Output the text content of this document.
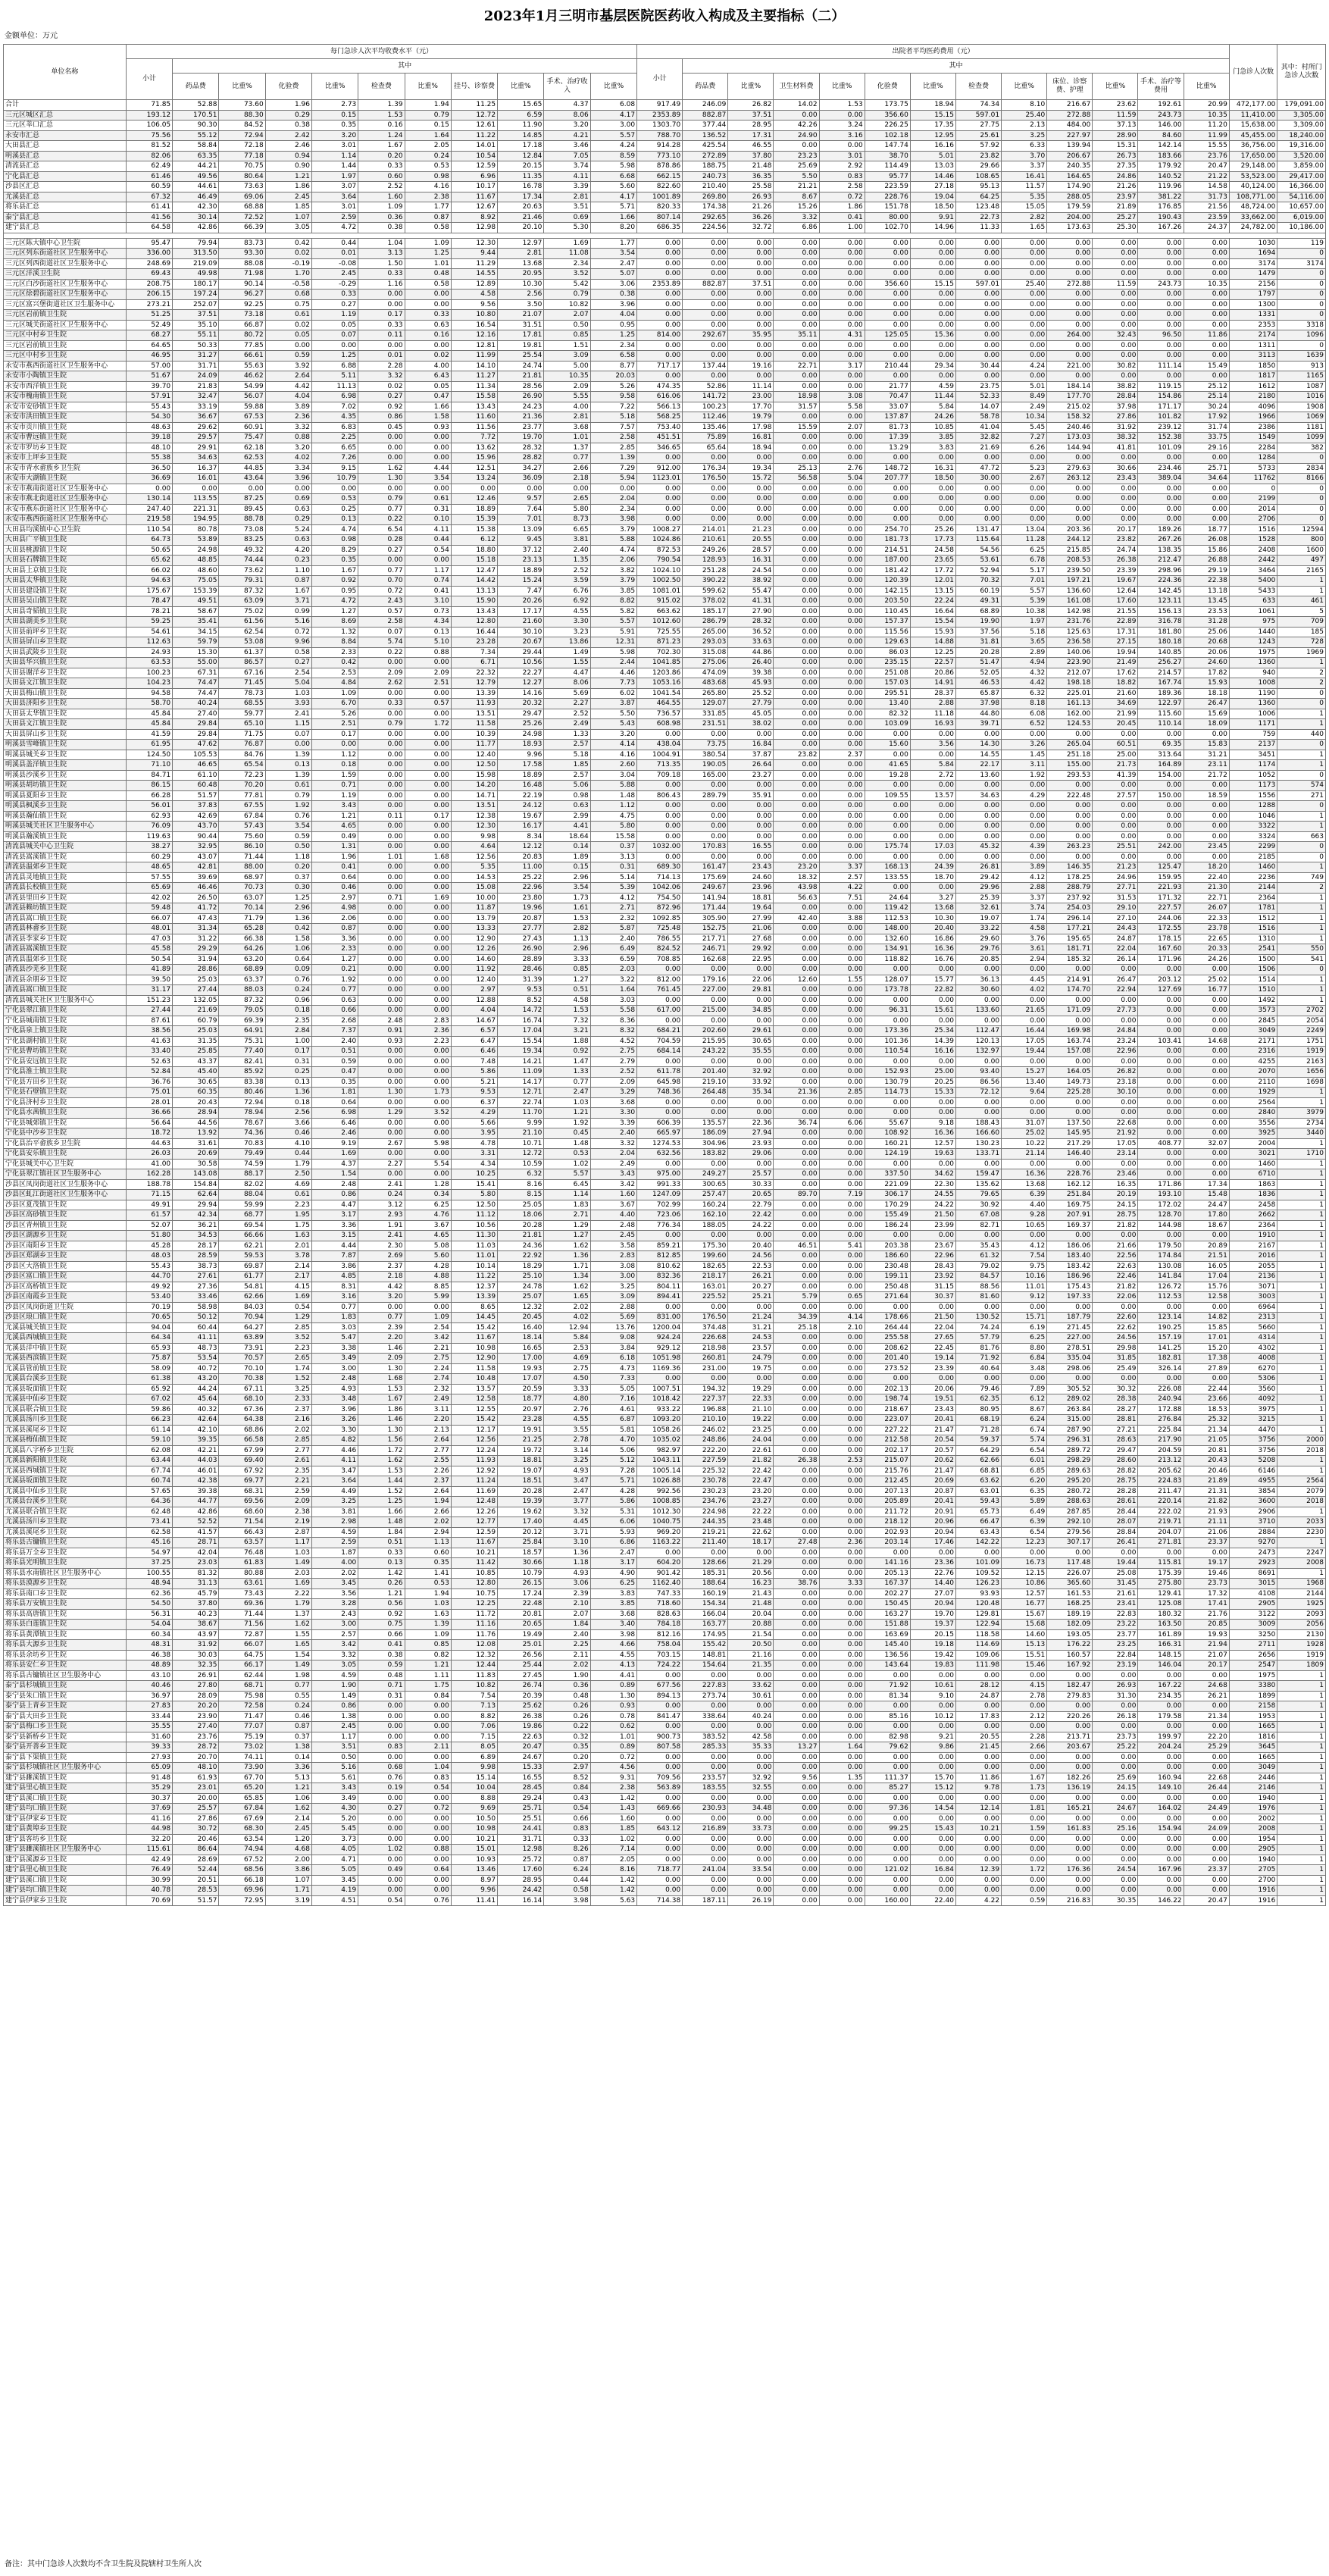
2023年1月三明市基层医院医药收入构成及主要指标（二）
金额单位：万元
单位名称	每门急诊人次平均收费水平（元）											出院者平均医药费用（元）													门急诊人次数	其中：村所门急诊人次数
	小计	其中										小计	其中													
		药品费	比重%	化验费	比重%	检查费	比重%	挂号、诊察费	比重%	手术、治疗收入	比重%		药品费	比重%	卫生材料费	比重%	化验费	比重%	检查费	比重%	床位、诊察费、护理	比重%	手术、治疗等费用	比重%		
合计	71.85	52.88	73.60	1.96	2.73	1.39	1.94	11.25	15.65	4.37	6.08	917.49	246.09	26.82	14.02	1.53	173.75	18.94	74.34	8.10	216.67	23.62	192.61	20.99	472,177.00	179,091.00
三元区城区汇总	193.12	170.51	88.30	0.29	0.15	1.53	0.79	12.72	6.59	8.06	4.17	2353.89	882.87	37.51	0.00	0.00	356.60	15.15	597.01	25.40	272.88	11.59	243.73	10.35	11,410.00	3,305.00
三元区莘口汇总	106.05	90.30	84.52	0.38	0.35	0.16	0.15	12.61	11.90	3.20	3.00	1303.70	377.44	28.95	42.26	3.24	226.25	17.35	27.75	2.13	484.00	37.13	146.00	11.20	15,638.00	3,309.00
永安市汇总	75.56	55.12	72.94	2.42	3.20	1.24	1.64	11.22	14.85	4.21	5.57	788.70	136.52	17.31	24.90	3.16	102.18	12.95	25.61	3.25	227.97	28.90	84.60	11.99	45,455.00	18,240.00
大田县汇总	81.52	58.84	72.18	2.46	3.01	1.67	2.05	14.01	17.18	3.46	4.24	914.28	425.54	46.55	0.00	0.00	147.74	16.16	57.92	6.33	139.94	15.31	142.14	15.55	36,756.00	19,316.00
明溪县汇总	82.06	63.35	77.18	0.94	1.14	0.20	0.24	10.54	12.84	7.05	8.59	773.10	272.89	37.80	23.23	3.01	38.70	5.01	23.82	3.70	206.67	26.73	183.66	23.76	17,650.00	3,520.00
清流县汇总	62.49	44.21	70.75	0.90	1.44	0.33	0.53	12.59	20.15	3.74	5.98	878.86	188.75	21.48	25.69	2.92	114.49	13.03	29.66	3.37	240.35	27.35	179.92	20.47	29,148.00	3,859.00
宁化县汇总	61.46	49.56	80.64	1.21	1.97	0.60	0.98	6.96	11.35	4.11	6.68	662.15	240.73	36.35	5.50	0.83	95.77	14.46	108.65	16.41	164.65	24.86	140.52	21.22	53,523.00	29,417.00
沙县区汇总	60.59	44.61	73.63	1.86	3.07	2.52	4.16	10.17	16.78	3.39	5.60	822.60	210.40	25.58	21.21	2.58	223.59	27.18	95.13	11.57	174.90	21.26	119.96	14.58	40,124.00	16,366.00
尤溪县汇总	67.32	46.49	69.06	2.45	3.64	1.60	2.38	11.67	17.34	2.81	4.17	1001.89	269.80	26.93	8.67	0.72	228.76	19.04	64.25	5.35	288.05	23.97	381.22	31.73	108,771.00	54,116.00
将乐县汇总	61.41	42.30	68.88	1.85	3.01	1.09	1.77	12.67	20.63	3.51	5.71	820.33	174.38	21.26	15.26	1.86	151.78	18.50	123.48	15.05	179.59	21.89	176.85	21.56	48,724.00	10,657.00
泰宁县汇总	41.56	30.14	72.52	1.07	2.59	0.36	0.87	8.92	21.46	0.69	1.66	807.14	292.65	36.26	3.32	0.41	80.00	9.91	22.73	2.82	204.00	25.27	190.43	23.59	33,662.00	6,019.00
建宁县汇总	64.58	42.86	66.39	3.05	4.72	0.38	0.58	12.98	20.10	5.30	8.20	686.35	224.56	32.72	6.86	1.00	102.70	14.96	11.33	1.65	173.63	25.30	167.26	24.37	24,782.00	10,186.00

三元区陈大镇中心卫生院	95.47	79.94	83.73	0.42	0.44	1.04	1.09	12.30	12.97	1.69	1.77	0.00	0.00	0.00	0.00	0.00	0.00	0.00	0.00	0.00	0.00	0.00	0.00	0.00	1030	119
三元区列东街道社区卫生服务中心	336.00	313.50	93.30	0.02	0.01	3.13	1.25	9.44	2.81	11.08	3.54	0.00	0.00	0.00	0.00	0.00	0.00	0.00	0.00	0.00	0.00	0.00	0.00	0.00	1694	0
三元区列西街道社区卫生服务中心	248.69	219.09	88.08	-0.19	-0.08	1.50	1.01	11.29	13.68	2.34	2.47	0.00	0.00	0.00	0.00	0.00	0.00	0.00	0.00	0.00	0.00	0.00	0.00	0.00	3174	3174
三元区洋溪卫生院	69.43	49.98	71.98	1.70	2.45	0.33	0.48	14.55	20.95	3.52	5.07	0.00	0.00	0.00	0.00	0.00	0.00	0.00	0.00	0.00	0.00	0.00	0.00	0.00	1479	0
三元区白沙街道社区卫生服务中心	208.75	180.17	90.14	-0.58	-0.29	1.16	0.58	12.89	10.30	5.42	3.06	2353.89	882.87	37.51	0.00	0.00	356.60	15.15	597.01	25.40	272.88	11.59	243.73	10.35	2156	0
三元区徐碧街道社区卫生服务中心	206.15	197.24	96.27	0.68	0.33	0.00	0.00	4.58	2.56	0.79	0.38	0.00	0.00	0.00	0.00	0.00	0.00	0.00	0.00	0.00	0.00	0.00	0.00	0.00	1797	0
三元区富兴堡街道社区卫生服务中心	273.21	252.07	92.25	0.75	0.27	0.00	0.00	9.56	3.50	10.82	3.96	0.00	0.00	0.00	0.00	0.00	0.00	0.00	0.00	0.00	0.00	0.00	0.00	0.00	1300	0
三元区岩前镇卫生院	51.25	37.51	73.18	0.61	1.19	0.17	0.33	10.80	21.07	2.07	4.04	0.00	0.00	0.00	0.00	0.00	0.00	0.00	0.00	0.00	0.00	0.00	0.00	0.00	1331	0
三元区城关街道社区卫生服务中心	52.49	35.10	66.87	0.02	0.05	0.33	0.63	16.54	31.51	0.50	0.95	0.00	0.00	0.00	0.00	0.00	0.00	0.00	0.00	0.00	0.00	0.00	0.00	0.00	2353	3318
三元区中村乡卫生院	68.27	55.11	80.72	0.05	0.07	0.11	0.16	12.16	17.81	0.85	1.25	814.00	292.67	35.95	35.11	4.31	125.05	15.36	0.00	0.00	264.00	32.43	96.50	11.86	2174	1096
三元区岩前镇卫生院	64.65	50.33	77.85	0.00	0.00	0.00	0.00	12.81	19.81	1.51	2.34	0.00	0.00	0.00	0.00	0.00	0.00	0.00	0.00	0.00	0.00	0.00	0.00	0.00	1311	0
三元区中村乡卫生院	46.95	31.27	66.61	0.59	1.25	0.01	0.02	11.99	25.54	3.09	6.58	0.00	0.00	0.00	0.00	0.00	0.00	0.00	0.00	0.00	0.00	0.00	0.00	0.00	3113	1639
永安市燕西街道社区卫生服务中心	57.00	31.71	55.63	3.92	6.88	2.28	4.00	14.10	24.74	5.00	8.77	717.17	137.44	19.16	22.71	3.17	210.44	29.34	30.44	4.24	221.00	30.82	111.14	15.49	1850	913
永安市小陶镇卫生院	51.67	24.09	46.62	2.64	5.11	3.32	6.43	11.27	21.81	10.35	20.03	0.00	0.00	0.00	0.00	0.00	0.00	0.00	0.00	0.00	0.00	0.00	0.00	0.00	1817	1165
永安市西洋镇卫生院	39.70	21.83	54.99	4.42	11.13	0.02	0.05	11.34	28.56	2.09	5.26	474.35	52.86	11.14	0.00	0.00	21.77	4.59	23.75	5.01	184.14	38.82	119.15	25.12	1612	1087
永安市槐南镇卫生院	57.91	32.47	56.07	4.04	6.98	0.27	0.47	15.58	26.90	5.55	9.58	616.06	141.72	23.00	18.98	3.08	70.47	11.44	52.33	8.49	177.70	28.84	154.86	25.14	2180	1016
永安市安砂镇卫生院	55.43	33.19	59.88	3.89	7.02	0.92	1.66	13.43	24.23	4.00	7.22	566.13	100.23	17.70	31.57	5.58	33.07	5.84	14.07	2.49	215.02	37.98	171.17	30.24	4096	1908
永安市洪田镇卫生院	54.30	36.67	67.53	2.36	4.35	0.86	1.58	11.60	21.36	2.81	5.18	568.25	112.46	19.79	0.00	0.00	137.87	24.26	58.78	10.34	158.32	27.86	101.82	17.92	1966	1069
永安市贡川镇卫生院	48.63	29.62	60.91	3.32	6.83	0.45	0.93	11.56	23.77	3.68	7.57	753.40	135.46	17.98	15.59	2.07	81.73	10.85	41.04	5.45	240.46	31.92	239.12	31.74	2386	1181
永安市曹远镇卫生院	39.18	29.57	75.47	0.88	2.25	0.00	0.00	7.72	19.70	1.01	2.58	451.51	75.89	16.81	0.00	0.00	17.39	3.85	32.82	7.27	173.03	38.32	152.38	33.75	1549	1099
永安市罗坊乡卫生院	48.10	29.91	62.18	3.20	6.65	0.00	0.00	13.62	28.32	1.37	2.85	346.65	65.64	18.94	0.00	0.00	13.29	3.83	21.69	6.26	144.94	41.81	101.09	29.16	2284	382
永安市上坪乡卫生院	55.38	34.63	62.53	4.02	7.26	0.00	0.00	15.96	28.82	0.77	1.39	0.00	0.00	0.00	0.00	0.00	0.00	0.00	0.00	0.00	0.00	0.00	0.00	0.00	1284	0
永安市青水畲族乡卫生院	36.50	16.37	44.85	3.34	9.15	1.62	4.44	12.51	34.27	2.66	7.29	912.00	176.34	19.34	25.13	2.76	148.72	16.31	47.72	5.23	279.63	30.66	234.46	25.71	5733	2834
永安市大湖镇卫生院	36.69	16.01	43.64	3.96	10.79	1.30	3.54	13.24	36.09	2.18	5.94	1123.01	176.50	15.72	56.58	5.04	207.77	18.50	30.00	2.67	263.12	23.43	389.04	34.64	11762	8166
永安市燕南街道社区卫生服务中心	0.00	0.00	0.00	0.00	0.00	0.00	0.00	0.00	0.00	0.00	0.00	0.00	0.00	0.00	0.00	0.00	0.00	0.00	0.00	0.00	0.00	0.00	0.00	0.00	0	0
永安市燕北街道社区卫生服务中心	130.14	113.55	87.25	0.69	0.53	0.79	0.61	12.46	9.57	2.65	2.04	0.00	0.00	0.00	0.00	0.00	0.00	0.00	0.00	0.00	0.00	0.00	0.00	0.00	2199	0
永安市燕东街道社区卫生服务中心	247.40	221.31	89.45	0.63	0.25	0.77	0.31	18.89	7.64	5.80	2.34	0.00	0.00	0.00	0.00	0.00	0.00	0.00	0.00	0.00	0.00	0.00	0.00	0.00	2014	0
永安市燕西街道社区卫生服务中心	219.58	194.95	88.78	0.29	0.13	0.22	0.10	15.39	7.01	8.73	3.98	0.00	0.00	0.00	0.00	0.00	0.00	0.00	0.00	0.00	0.00	0.00	0.00	0.00	2706	0
大田县均溪镇中心卫生院	110.54	80.78	73.08	5.24	4.74	6.54	4.11	15.38	13.09	6.65	3.79	1008.27	214.01	21.23	0.00	0.00	254.70	25.26	131.47	13.04	203.36	20.17	189.26	18.77	1516	12594
大田县广平镇卫生院	64.73	53.89	83.25	0.63	0.98	0.28	0.44	6.12	9.45	3.81	5.88	1024.86	210.61	20.55	0.00	0.00	181.73	17.73	115.64	11.28	244.12	23.82	267.26	26.08	1528	800
大田县桃源镇卫生院	50.65	24.98	49.32	4.20	8.29	0.27	0.54	18.80	37.12	2.40	4.74	872.53	249.26	28.57	0.00	0.00	214.51	24.58	54.56	6.25	215.85	24.74	138.35	15.86	2408	1600
大田县石牌镇卫生院	65.62	48.85	74.44	0.23	0.35	0.00	0.00	15.18	23.13	1.35	2.06	790.54	128.93	16.31	0.00	0.00	187.00	23.65	53.61	6.78	208.53	26.38	212.47	26.88	2442	497
大田县上京镇卫生院	66.02	48.60	73.62	1.10	1.67	0.77	1.17	12.47	18.89	2.52	3.82	1024.10	251.28	24.54	0.00	0.00	181.42	17.72	52.94	5.17	239.50	23.39	298.96	29.19	3464	2165
大田县太华镇卫生院	94.63	75.05	79.31	0.87	0.92	0.70	0.74	14.42	15.24	3.59	3.79	1002.50	390.22	38.92	0.00	0.00	120.39	12.01	70.32	7.01	197.21	19.67	224.36	22.38	5400	1
大田县建设镇卫生院	175.67	153.39	87.32	1.67	0.95	0.72	0.41	13.13	7.47	6.76	3.85	1081.01	599.62	55.47	0.00	0.00	142.15	13.15	60.19	5.57	136.60	12.64	142.45	13.18	5433	1
大田县吴山镇卫生院	78.47	49.51	63.09	3.71	4.72	2.43	3.10	15.90	20.26	6.92	8.82	915.02	378.02	41.31	0.00	0.00	203.50	22.24	49.31	5.39	161.08	17.60	123.11	13.45	633	461
大田县奇韬镇卫生院	78.21	58.67	75.02	0.99	1.27	0.57	0.73	13.43	17.17	4.55	5.82	663.62	185.17	27.90	0.00	0.00	110.45	16.64	68.89	10.38	142.98	21.55	156.13	23.53	1061	5
大田县湖美乡卫生院	59.25	35.41	61.56	5.16	8.69	2.58	4.34	12.80	21.60	3.30	5.57	1012.60	286.79	28.32	0.00	0.00	157.37	15.54	19.90	1.97	231.76	22.89	316.78	31.28	975	709
大田县前坪乡卫生院	54.61	34.15	62.54	0.72	1.32	0.07	0.13	16.44	30.10	3.23	5.91	725.55	265.00	36.52	0.00	0.00	115.56	15.93	37.56	5.18	125.63	17.31	181.80	25.06	1440	185
大田县屏山乡卫生院	112.63	59.79	53.08	9.96	8.84	5.74	5.10	23.28	20.67	13.86	12.31	871.23	293.03	33.63	0.00	0.00	129.63	14.88	31.81	3.65	236.58	27.15	180.18	20.68	1243	728
大田县武陵乡卫生院	24.93	15.30	61.37	0.58	2.33	0.22	0.88	7.34	29.44	1.49	5.98	702.30	315.08	44.86	0.00	0.00	86.03	12.25	20.28	2.89	140.06	19.94	140.85	20.06	1975	1969
大田县华兴镇卫生院	63.53	55.00	86.57	0.27	0.42	0.00	0.00	6.71	10.56	1.55	2.44	1041.85	275.06	26.40	0.00	0.00	235.15	22.57	51.47	4.94	223.90	21.49	256.27	24.60	1360	1
大田县谢洋乡卫生院	100.23	67.31	67.16	2.54	2.53	2.09	2.09	22.32	22.27	4.47	4.46	1203.86	474.09	39.38	0.00	0.00	251.08	20.86	52.05	4.32	212.07	17.62	214.57	17.82	940	2
大田县文江镇卫生院	104.23	74.47	71.45	5.04	4.84	2.62	2.51	12.79	12.27	8.06	7.73	1053.16	483.68	45.93	0.00	0.00	157.03	14.91	46.53	4.42	198.18	18.82	167.74	15.93	1008	2
大田县梅山镇卫生院	94.58	74.47	78.73	1.03	1.09	0.00	0.00	13.39	14.16	5.69	6.02	1041.54	265.80	25.52	0.00	0.00	295.51	28.37	65.87	6.32	225.01	21.60	189.36	18.18	1190	0
大田县济阳乡卫生院	58.70	40.24	68.55	3.93	6.70	0.33	0.57	11.93	20.32	2.27	3.87	464.55	129.07	27.79	0.00	0.00	13.40	2.88	37.98	8.18	161.13	34.69	122.97	26.47	1360	0
大田县太华镇卫生院	45.84	27.40	59.77	2.41	5.26	0.00	0.00	13.51	29.47	2.52	5.50	736.57	331.85	45.05	0.00	0.00	82.32	11.18	44.80	6.08	162.00	21.99	115.60	15.69	1006	1
大田县文江镇卫生院	45.84	29.84	65.10	1.15	2.51	0.79	1.72	11.58	25.26	2.49	5.43	608.98	231.51	38.02	0.00	0.00	103.09	16.93	39.71	6.52	124.53	20.45	110.14	18.09	1171	1
大田县屏山乡卫生院	41.59	29.84	71.75	0.07	0.17	0.00	0.00	10.39	24.98	1.33	3.20	0.00	0.00	0.00	0.00	0.00	0.00	0.00	0.00	0.00	0.00	0.00	0.00	0.00	759	440
明溪县雪峰镇卫生院	61.95	47.62	76.87	0.00	0.00	0.00	0.00	11.77	18.93	2.57	4.14	438.04	73.75	16.84	0.00	0.00	15.60	3.56	14.30	3.26	265.04	60.51	69.35	15.83	2137	0
明溪县城关乡卫生院	124.50	105.53	84.76	1.39	1.12	0.00	0.00	12.40	9.96	5.18	4.16	1004.91	380.54	37.87	23.82	2.37	0.00	0.00	14.55	1.45	251.18	25.00	313.64	31.21	3451	1
明溪县盖洋镇卫生院	71.10	46.65	65.54	0.13	0.18	0.00	0.00	12.50	17.58	1.85	2.60	713.35	190.05	26.64	0.00	0.00	41.65	5.84	22.17	3.11	155.00	21.73	164.89	23.11	1174	1
明溪县沙溪乡卫生院	84.71	61.10	72.23	1.39	1.59	0.00	0.00	15.98	18.89	2.57	3.04	709.18	165.00	23.27	0.00	0.00	19.28	2.72	13.60	1.92	293.53	41.39	154.00	21.72	1052	0
明溪县胡坊镇卫生院	86.15	60.48	70.20	0.61	0.71	0.00	0.00	14.20	16.48	5.06	5.88	0.00	0.00	0.00	0.00	0.00	0.00	0.00	0.00	0.00	0.00	0.00	0.00	0.00	1173	574
明溪县夏阳乡卫生院	66.28	51.57	77.81	0.79	1.19	0.00	0.00	14.71	22.19	0.98	1.48	806.43	289.79	35.91	0.00	0.00	109.55	13.57	34.63	4.29	222.48	27.57	150.00	18.59	1556	271
明溪县枫溪乡卫生院	56.01	37.83	67.55	1.92	3.43	0.00	0.00	13.51	24.12	0.63	1.12	0.00	0.00	0.00	0.00	0.00	0.00	0.00	0.00	0.00	0.00	0.00	0.00	0.00	1288	0
明溪县瀚仙镇卫生院	62.93	42.69	67.84	0.76	1.21	0.11	0.17	12.38	19.67	2.99	4.75	0.00	0.00	0.00	0.00	0.00	0.00	0.00	0.00	0.00	0.00	0.00	0.00	0.00	1046	1
明溪县城关社区卫生服务中心	76.09	43.70	57.43	3.54	4.65	0.00	0.00	12.30	16.17	4.41	5.80	0.00	0.00	0.00	0.00	0.00	0.00	0.00	0.00	0.00	0.00	0.00	0.00	0.00	3322	1
明溪县瀚溪镇卫生院	119.63	90.44	75.60	0.59	0.49	0.00	0.00	9.98	8.34	18.64	15.58	0.00	0.00	0.00	0.00	0.00	0.00	0.00	0.00	0.00	0.00	0.00	0.00	0.00	3324	663
清流县城关中心卫生院	38.27	32.95	86.10	0.50	1.31	0.00	0.00	4.64	12.12	0.14	0.37	1032.00	170.83	16.55	0.00	0.00	175.74	17.03	45.32	4.39	263.23	25.51	242.00	23.45	2299	0
清流县嵩溪镇卫生院	60.29	43.07	71.44	1.18	1.96	1.01	1.68	12.56	20.83	1.89	3.13	0.00	0.00	0.00	0.00	0.00	0.00	0.00	0.00	0.00	0.00	0.00	0.00	0.00	2185	0
清流县温郊乡卫生院	48.65	42.81	88.00	0.20	0.41	0.00	0.00	5.35	11.00	0.15	0.31	689.30	161.47	23.43	23.20	3.37	168.13	24.39	26.81	3.89	146.35	21.23	125.47	18.20	1460	1
清流县灵地镇卫生院	57.55	39.69	68.97	0.37	0.64	0.00	0.00	14.53	25.22	2.96	5.14	714.13	175.69	24.60	18.32	2.57	133.55	18.70	29.42	4.12	178.25	24.96	159.95	22.40	2236	749
清流县长校镇卫生院	65.69	46.46	70.73	0.30	0.46	0.00	0.00	15.08	22.96	3.54	5.39	1042.06	249.67	23.96	43.98	4.22	0.00	0.00	29.96	2.88	288.79	27.71	221.93	21.30	2144	2
清流县里田乡卫生院	42.02	26.50	63.07	1.25	2.97	0.71	1.69	10.00	23.80	1.73	4.12	754.50	141.94	18.81	56.63	7.51	24.64	3.27	25.39	3.37	237.92	31.53	171.32	22.71	2364	1
清流县赖坊镇卫生院	59.48	41.72	70.14	2.96	4.98	0.00	0.00	11.87	19.96	1.61	2.71	872.96	171.44	19.64	0.00	0.00	119.42	13.68	32.61	3.74	254.03	29.10	227.57	26.07	1781	1
清流县嵩口镇卫生院	66.07	47.43	71.79	1.36	2.06	0.00	0.00	13.79	20.87	1.53	2.32	1092.85	305.90	27.99	42.40	3.88	112.53	10.30	19.07	1.74	296.14	27.10	244.06	22.33	1512	1
清流县林畲乡卫生院	48.01	31.34	65.28	0.42	0.87	0.00	0.00	13.33	27.77	2.82	5.87	725.48	152.75	21.06	0.00	0.00	148.00	20.40	33.22	4.58	177.21	24.43	172.55	23.78	1516	1
清流县李家乡卫生院	47.03	31.22	66.38	1.58	3.36	0.00	0.00	12.90	27.43	1.13	2.40	786.55	217.71	27.68	0.00	0.00	132.60	16.86	29.60	3.76	195.65	24.87	178.15	22.65	1310	1
清流县嵩溪镇卫生院	45.58	29.29	64.26	1.06	2.33	0.00	0.00	12.26	26.90	2.96	6.49	824.52	246.71	29.92	0.00	0.00	134.91	16.36	29.76	3.61	181.71	22.04	167.60	20.33	2541	550
清流县温郊乡卫生院	50.54	31.94	63.20	0.64	1.27	0.00	0.00	14.60	28.89	3.33	6.59	708.85	162.68	22.95	0.00	0.00	118.82	16.76	20.85	2.94	185.32	26.14	171.96	24.26	1500	541
清流县沙芜乡卫生院	41.89	28.86	68.89	0.09	0.21	0.00	0.00	11.92	28.46	0.85	2.03	0.00	0.00	0.00	0.00	0.00	0.00	0.00	0.00	0.00	0.00	0.00	0.00	0.00	1506	0
清流县余朋乡卫生院	39.50	25.03	63.37	0.76	1.92	0.00	0.00	12.40	31.39	1.27	3.22	812.00	179.16	22.06	12.60	1.55	128.07	15.77	36.13	4.45	214.91	26.47	203.12	25.02	1514	1
清流县嵩口镇卫生院	31.17	27.44	88.03	0.24	0.77	0.00	0.00	2.97	9.53	0.51	1.64	761.45	227.00	29.81	0.00	0.00	173.78	22.82	30.60	4.02	174.70	22.94	127.69	16.77	1510	1
清流县城关社区卫生服务中心	151.23	132.05	87.32	0.96	0.63	0.00	0.00	12.88	8.52	4.58	3.03	0.00	0.00	0.00	0.00	0.00	0.00	0.00	0.00	0.00	0.00	0.00	0.00	0.00	1492	1
宁化县翠江镇卫生院	27.44	21.69	79.05	0.18	0.66	0.00	0.00	4.04	14.72	1.53	5.58	617.00	215.00	34.85	0.00	0.00	96.31	15.61	133.60	21.65	171.09	27.73	0.00	0.00	3573	2702
宁化县城南镇卫生院	87.61	60.79	69.39	2.35	2.68	2.48	2.83	14.67	16.74	7.32	8.36	0.00	0.00	0.00	0.00	0.00	0.00	0.00	0.00	0.00	0.00	0.00	0.00	0.00	2845	2054
宁化县泉上镇卫生院	38.56	25.03	64.91	2.84	7.37	0.91	2.36	6.57	17.04	3.21	8.32	684.21	202.60	29.61	0.00	0.00	173.36	25.34	112.47	16.44	169.98	24.84	0.00	0.00	3049	2249
宁化县湖村镇卫生院	41.63	31.35	75.31	1.00	2.40	0.93	2.23	6.47	15.54	1.88	4.52	704.59	215.95	30.65	0.00	0.00	101.36	14.39	120.13	17.05	163.74	23.24	103.41	14.68	2171	1751
宁化县曹坊镇卫生院	33.40	25.85	77.40	0.17	0.51	0.00	0.00	6.46	19.34	0.92	2.75	684.14	243.22	35.55	0.00	0.00	110.54	16.16	132.97	19.44	157.08	22.96	0.00	0.00	2316	1919
宁化县安远镇卫生院	52.63	43.37	82.41	0.31	0.59	0.00	0.00	7.48	14.21	1.47	2.79	0.00	0.00	0.00	0.00	0.00	0.00	0.00	0.00	0.00	0.00	0.00	0.00	0.00	4255	2163
宁化县淮土镇卫生院	52.84	45.40	85.92	0.25	0.47	0.00	0.00	5.86	11.09	1.33	2.52	611.78	201.40	32.92	0.00	0.00	152.93	25.00	93.40	15.27	164.05	26.82	0.00	0.00	2070	1656
宁化县方田乡卫生院	36.76	30.65	83.38	0.13	0.35	0.00	0.00	5.21	14.17	0.77	2.09	645.98	219.10	33.92	0.00	0.00	130.79	20.25	86.56	13.40	149.73	23.18	0.00	0.00	2110	1698
宁化县石壁镇卫生院	75.01	60.35	80.46	1.36	1.81	1.30	1.73	9.53	12.71	2.47	3.29	748.36	264.48	35.34	21.36	2.85	114.73	15.33	72.12	9.64	225.28	30.10	0.00	0.00	1929	1
宁化县济村乡卫生院	28.01	20.43	72.94	0.18	0.64	0.00	0.00	6.37	22.74	1.03	3.68	0.00	0.00	0.00	0.00	0.00	0.00	0.00	0.00	0.00	0.00	0.00	0.00	0.00	2564	1
宁化县水茜镇卫生院	36.66	28.94	78.94	2.56	6.98	1.29	3.52	4.29	11.70	1.21	3.30	0.00	0.00	0.00	0.00	0.00	0.00	0.00	0.00	0.00	0.00	0.00	0.00	0.00	2840	3979
宁化县城郊镇卫生院	56.64	44.56	78.67	3.66	6.46	0.00	0.00	5.66	9.99	1.92	3.39	606.39	135.57	22.36	36.74	6.06	55.67	9.18	188.43	31.07	137.50	22.68	0.00	0.00	3556	2734
宁化县中沙乡卫生院	18.72	13.92	74.36	0.46	2.46	0.00	0.00	3.95	21.10	0.45	2.40	665.97	186.09	27.94	0.00	0.00	108.92	16.36	166.60	25.02	145.95	21.92	0.00	0.00	3925	3440
宁化县治平畲族乡卫生院	44.63	31.61	70.83	4.10	9.19	2.67	5.98	4.78	10.71	1.48	3.32	1274.53	304.96	23.93	0.00	0.00	160.21	12.57	130.23	10.22	217.29	17.05	408.77	32.07	2004	1
宁化县安乐镇卫生院	26.03	20.69	79.49	0.44	1.69	0.00	0.00	3.31	12.72	0.53	2.04	632.56	183.82	29.06	0.00	0.00	124.19	19.63	133.71	21.14	146.40	23.14	0.00	0.00	3021	1710
宁化县城关中心卫生院	41.00	30.58	74.59	1.79	4.37	2.27	5.54	4.34	10.59	1.02	2.49	0.00	0.00	0.00	0.00	0.00	0.00	0.00	0.00	0.00	0.00	0.00	0.00	0.00	1460	1
宁化县翠江镇社区卫生服务中心	162.28	143.08	88.17	2.50	1.54	0.00	0.00	10.25	6.32	5.57	3.43	975.00	249.27	25.57	0.00	0.00	337.50	34.62	159.47	16.36	228.76	23.46	0.00	0.00	6710	1
沙县区凤岗街道社区卫生服务中心	188.78	154.84	82.02	4.69	2.48	2.41	1.28	15.41	8.16	6.45	3.42	991.33	300.65	30.33	0.00	0.00	221.09	22.30	135.62	13.68	162.12	16.35	171.86	17.34	1863	1
沙县区虬江街道社区卫生服务中心	71.15	62.64	88.04	0.61	0.86	0.24	0.34	5.80	8.15	1.14	1.60	1247.09	257.47	20.65	89.70	7.19	306.17	24.55	79.65	6.39	251.84	20.19	193.10	15.48	1836	1
沙县区夏茂镇卫生院	49.91	29.94	59.99	2.23	4.47	3.12	6.25	12.50	25.05	1.83	3.67	702.99	160.24	22.79	0.00	0.00	170.29	24.22	30.92	4.40	169.75	24.15	172.02	24.47	2458	1
沙县区高砂镇卫生院	61.57	42.34	68.77	1.95	3.17	2.93	4.76	11.12	18.06	2.71	4.40	723.06	162.10	22.42	0.00	0.00	155.49	21.50	67.08	9.28	207.91	28.75	128.70	17.80	2662	1
沙县区青州镇卫生院	52.07	36.21	69.54	1.75	3.36	1.91	3.67	10.56	20.28	1.29	2.48	776.34	188.05	24.22	0.00	0.00	186.24	23.99	82.71	10.65	169.37	21.82	144.98	18.67	2364	1
沙县区湖源乡卫生院	51.80	34.53	66.66	1.63	3.15	2.41	4.65	11.30	21.81	1.27	2.45	0.00	0.00	0.00	0.00	0.00	0.00	0.00	0.00	0.00	0.00	0.00	0.00	0.00	1910	1
沙县区南阳乡卫生院	45.28	28.17	62.21	2.01	4.44	2.30	5.08	11.03	24.36	1.62	3.58	859.21	175.30	20.40	46.51	5.41	203.38	23.67	35.43	4.12	186.06	21.66	179.50	20.89	2167	1
沙县区郑湖乡卫生院	48.03	28.59	59.53	3.78	7.87	2.69	5.60	11.01	22.92	1.36	2.83	812.85	199.60	24.56	0.00	0.00	186.60	22.96	61.32	7.54	183.40	22.56	174.84	21.51	2016	1
沙县区大洛镇卫生院	55.43	38.73	69.87	2.14	3.86	2.37	4.28	10.14	18.29	1.71	3.08	810.62	182.65	22.53	0.00	0.00	230.48	28.43	79.02	9.75	183.42	22.63	130.08	16.05	2055	1
沙县区富口镇卫生院	44.70	27.61	61.77	2.17	4.85	2.18	4.88	11.22	25.10	1.34	3.00	832.36	218.17	26.21	0.00	0.00	199.11	23.92	84.57	10.16	186.96	22.46	141.84	17.04	2136	1
沙县区高桥镇卫生院	49.92	27.36	54.81	4.15	8.31	4.42	8.85	12.37	24.78	1.62	3.25	804.11	163.01	20.27	0.00	0.00	250.48	31.15	88.56	11.01	175.43	21.82	126.72	15.76	3071	1
沙县区南霞乡卫生院	53.40	33.46	62.66	1.69	3.16	3.20	5.99	13.39	25.07	1.65	3.09	894.41	225.52	25.21	5.79	0.65	271.64	30.37	81.60	9.12	197.33	22.06	112.53	12.58	3003	1
沙县区凤岗街道卫生院	70.19	58.98	84.03	0.54	0.77	0.00	0.00	8.65	12.32	2.02	2.88	0.00	0.00	0.00	0.00	0.00	0.00	0.00	0.00	0.00	0.00	0.00	0.00	0.00	6964	1
沙县区琅口镇卫生院	70.65	50.12	70.94	1.29	1.83	0.77	1.09	14.45	20.45	4.02	5.69	831.00	176.50	21.24	34.39	4.14	178.66	21.50	130.52	15.71	187.79	22.60	123.14	14.82	2313	1
尤溪县城关镇卫生院	94.04	60.44	64.27	2.85	3.03	2.39	2.54	15.42	16.40	12.94	13.76	1200.04	374.48	31.21	25.18	2.10	264.44	22.04	74.24	6.19	271.45	22.62	190.25	15.85	5660	1
尤溪县西城镇卫生院	64.34	41.11	63.89	3.52	5.47	2.20	3.42	11.67	18.14	5.84	9.08	924.24	226.68	24.53	0.00	0.00	255.58	27.65	57.79	6.25	227.00	24.56	157.19	17.01	4314	1
尤溪县洋中镇卫生院	65.93	48.73	73.91	2.23	3.38	1.46	2.21	10.98	16.65	2.53	3.84	929.12	218.98	23.57	0.00	0.00	208.62	22.45	81.76	8.80	278.51	29.98	141.25	15.20	4302	1
尤溪县西滨镇卫生院	75.87	53.54	70.57	2.65	3.49	2.09	2.75	12.90	17.00	4.69	6.18	1051.98	260.81	24.79	0.00	0.00	201.40	19.14	71.92	6.84	335.04	31.85	182.81	17.38	4008	1
尤溪县管前镇卫生院	58.09	40.72	70.10	1.74	3.00	1.30	2.24	11.58	19.93	2.75	4.73	1169.36	231.00	19.75	0.00	0.00	273.52	23.39	40.64	3.48	298.06	25.49	326.14	27.89	6270	1
尤溪县台溪乡卫生院	61.38	43.20	70.38	1.52	2.48	1.68	2.74	10.48	17.07	4.50	7.33	0.00	0.00	0.00	0.00	0.00	0.00	0.00	0.00	0.00	0.00	0.00	0.00	0.00	5306	1
尤溪县坂面镇卫生院	65.92	44.24	67.11	3.25	4.93	1.53	2.32	13.57	20.59	3.33	5.05	1007.51	194.32	19.29	0.00	0.00	202.13	20.06	79.46	7.89	305.52	30.32	226.08	22.44	3560	1
尤溪县中仙乡卫生院	67.02	45.64	68.10	2.33	3.48	1.67	2.49	12.58	18.77	4.80	7.16	1018.42	227.37	22.33	0.00	0.00	198.74	19.51	62.35	6.12	289.02	28.38	240.94	23.66	4092	1
尤溪县联合镇卫生院	59.86	40.32	67.36	2.37	3.96	1.86	3.11	12.55	20.97	2.76	4.61	933.22	196.88	21.10	0.00	0.00	218.67	23.43	80.95	8.67	263.84	28.27	172.88	18.53	3975	1
尤溪县汤川乡卫生院	66.23	42.64	64.38	2.16	3.26	1.46	2.20	15.42	23.28	4.55	6.87	1093.20	210.10	19.22	0.00	0.00	223.07	20.41	68.19	6.24	315.00	28.81	276.84	25.32	3215	1
尤溪县溪尾乡卫生院	61.14	42.10	68.86	2.02	3.30	1.30	2.13	12.17	19.91	3.55	5.81	1058.26	246.02	23.25	0.00	0.00	227.22	21.47	71.28	6.74	287.90	27.21	225.84	21.34	4470	1
尤溪县梅仙镇卫生院	59.10	39.35	66.58	2.85	4.82	1.56	2.64	12.56	21.25	2.78	4.70	1035.02	248.86	24.04	0.00	0.00	212.58	20.54	59.37	5.74	296.31	28.63	217.90	21.05	3756	2000
尤溪县八字桥乡卫生院	62.08	42.21	67.99	2.77	4.46	1.72	2.77	12.24	19.72	3.14	5.06	982.97	222.20	22.61	0.00	0.00	202.17	20.57	64.29	6.54	289.72	29.47	204.59	20.81	3756	2018
尤溪县新阳镇卫生院	63.44	44.03	69.40	2.61	4.11	1.62	2.55	11.93	18.81	3.25	5.12	1043.11	227.59	21.82	26.38	2.53	215.07	20.62	62.66	6.01	298.29	28.60	213.12	20.43	5208	1
尤溪县西城镇卫生院	67.74	46.01	67.92	2.35	3.47	1.53	2.26	12.92	19.07	4.93	7.28	1005.14	225.32	22.42	0.00	0.00	215.76	21.47	68.81	6.85	289.63	28.82	205.62	20.46	6146	1
尤溪县坂面镇卫生院	60.74	42.38	69.77	2.21	3.64	1.44	2.37	11.24	18.51	3.47	5.71	1026.88	230.78	22.47	0.00	0.00	212.45	20.69	63.62	6.20	295.20	28.75	224.83	21.89	4955	2564
尤溪县中仙乡卫生院	57.65	39.38	68.31	2.59	4.49	1.52	2.64	11.69	20.28	2.47	4.28	992.56	230.23	23.20	0.00	0.00	207.13	20.87	63.01	6.35	280.72	28.28	211.47	21.31	3854	2079
尤溪县台溪乡卫生院	64.36	44.77	69.56	2.09	3.25	1.25	1.94	12.48	19.39	3.77	5.86	1008.85	234.76	23.27	0.00	0.00	205.89	20.41	59.43	5.89	288.63	28.61	220.14	21.82	3600	2018
尤溪县联合镇卫生院	62.48	42.86	68.60	2.38	3.81	1.66	2.66	12.26	19.62	3.32	5.31	1012.30	224.98	22.22	0.00	0.00	211.72	20.91	65.73	6.49	287.85	28.44	222.02	21.93	2906	1
尤溪县汤川乡卫生院	73.41	52.52	71.54	2.19	2.98	1.48	2.02	12.77	17.40	4.45	6.06	1040.75	244.35	23.48	0.00	0.00	218.12	20.96	66.47	6.39	292.10	28.07	219.71	21.11	3710	2033
尤溪县溪尾乡卫生院	62.58	41.57	66.43	2.87	4.59	1.84	2.94	12.59	20.12	3.71	5.93	969.20	219.21	22.62	0.00	0.00	202.93	20.94	63.43	6.54	279.56	28.84	204.07	21.06	2884	2230
将乐县古镛镇卫生院	45.16	28.71	63.57	1.17	2.59	0.51	1.13	11.67	25.84	3.10	6.86	1163.22	211.40	18.17	27.48	2.36	203.14	17.46	142.22	12.23	307.17	26.41	271.81	23.37	9270	1
将乐县万全乡卫生院	54.97	42.04	76.48	1.03	1.87	0.33	0.60	10.21	18.57	1.36	2.47	0.00	0.00	0.00	0.00	0.00	0.00	0.00	0.00	0.00	0.00	0.00	0.00	0.00	2473	2247
将乐县光明镇卫生院	37.25	23.03	61.83	1.49	4.00	0.13	0.35	11.42	30.66	1.18	3.17	604.20	128.66	21.29	0.00	0.00	141.16	23.36	101.09	16.73	117.48	19.44	115.81	19.17	2923	2008
将乐县水南镇社区卫生服务中心	100.55	81.32	80.88	2.03	2.02	1.42	1.41	10.85	10.79	4.93	4.90	901.42	185.31	20.56	0.00	0.00	205.13	22.76	109.52	12.15	226.07	25.08	175.39	19.46	8691	1
将乐县漠源乡卫生院	48.94	31.13	63.61	1.69	3.45	0.26	0.53	12.80	26.15	3.06	6.25	1162.40	188.64	16.23	38.76	3.33	167.37	14.40	126.23	10.86	365.60	31.45	275.80	23.73	3015	1968
将乐县南口乡卫生院	62.36	45.79	73.43	2.22	3.56	1.21	1.94	10.75	17.24	2.39	3.83	747.33	160.19	21.43	0.00	0.00	202.27	27.07	93.93	12.57	161.53	21.61	129.41	17.32	4108	2144
将乐县万安镇卫生院	54.50	37.80	69.36	1.79	3.28	0.56	1.03	12.25	22.48	2.10	3.85	718.60	154.34	21.48	0.00	0.00	150.45	20.94	120.48	16.77	168.25	23.41	125.08	17.41	2905	1925
将乐县高唐镇卫生院	56.31	40.23	71.44	1.37	2.43	0.92	1.63	11.72	20.81	2.07	3.68	828.63	166.04	20.04	0.00	0.00	163.27	19.70	129.81	15.67	189.19	22.83	180.32	21.76	3122	2093
将乐县白莲镇卫生院	54.04	38.67	71.56	1.62	3.00	0.75	1.39	11.16	20.65	1.84	3.40	784.18	163.77	20.88	0.00	0.00	151.88	19.37	122.94	15.68	182.09	23.22	163.50	20.85	3009	2056
将乐县黄潭镇卫生院	60.34	43.97	72.87	1.55	2.57	0.66	1.09	11.76	19.49	2.40	3.98	812.16	174.95	21.54	0.00	0.00	163.69	20.15	118.58	14.60	193.05	23.77	161.89	19.93	3250	2130
将乐县大源乡卫生院	48.31	31.92	66.07	1.65	3.42	0.41	0.85	12.08	25.01	2.25	4.66	758.04	155.42	20.50	0.00	0.00	145.40	19.18	114.69	15.13	176.22	23.25	166.31	21.94	2711	1928
将乐县余坊乡卫生院	46.38	30.03	64.75	1.54	3.32	0.38	0.82	12.32	26.56	2.11	4.55	703.15	148.81	21.16	0.00	0.00	136.56	19.42	109.06	15.51	160.57	22.84	148.15	21.07	2656	1919
将乐县安仁乡卫生院	48.89	32.35	66.17	1.49	3.05	0.59	1.21	12.44	25.44	2.02	4.13	724.22	154.64	21.35	0.00	0.00	143.64	19.83	111.98	15.46	167.92	23.19	146.04	20.17	2547	1809
将乐县古镛镇社区卫生服务中心	43.10	26.91	62.44	1.98	4.59	0.48	1.11	11.83	27.45	1.90	4.41	0.00	0.00	0.00	0.00	0.00	0.00	0.00	0.00	0.00	0.00	0.00	0.00	0.00	1975	1
泰宁县杉城镇卫生院	40.46	27.80	68.71	0.77	1.90	0.71	1.75	10.82	26.74	0.36	0.89	677.56	227.83	33.62	0.00	0.00	71.92	10.61	28.12	4.15	182.47	26.93	167.22	24.68	3380	1
泰宁县朱口镇卫生院	36.97	28.09	75.98	0.55	1.49	0.31	0.84	7.54	20.39	0.48	1.30	894.13	273.74	30.61	0.00	0.00	81.34	9.10	24.87	2.78	279.83	31.30	234.35	26.21	1899	1
泰宁县上青乡卫生院	27.83	20.20	72.58	0.24	0.86	0.00	0.00	7.13	25.62	0.26	0.93	0.00	0.00	0.00	0.00	0.00	0.00	0.00	0.00	0.00	0.00	0.00	0.00	0.00	2158	1
泰宁县大田乡卫生院	33.44	23.90	71.47	0.46	1.38	0.00	0.00	8.82	26.38	0.26	0.78	841.47	338.64	40.24	0.00	0.00	85.16	10.12	17.83	2.12	220.26	26.18	179.58	21.34	1953	1
泰宁县梅口乡卫生院	35.55	27.40	77.07	0.87	2.45	0.00	0.00	7.06	19.86	0.22	0.62	0.00	0.00	0.00	0.00	0.00	0.00	0.00	0.00	0.00	0.00	0.00	0.00	0.00	1665	1
泰宁县新桥乡卫生院	31.60	23.76	75.19	0.37	1.17	0.00	0.00	7.15	22.63	0.32	1.01	900.73	383.52	42.58	0.00	0.00	82.98	9.21	20.55	2.28	213.71	23.73	199.97	22.20	1816	1
泰宁县开善乡卫生院	39.33	28.72	73.02	1.38	3.51	0.83	2.11	8.05	20.47	0.35	0.89	807.58	285.33	35.33	13.27	1.64	79.62	9.86	21.45	2.66	203.67	25.22	204.24	25.29	3645	1
泰宁县下渠镇卫生院	27.93	20.70	74.11	0.14	0.50	0.00	0.00	6.89	24.67	0.20	0.72	0.00	0.00	0.00	0.00	0.00	0.00	0.00	0.00	0.00	0.00	0.00	0.00	0.00	1665	1
泰宁县杉城镇社区卫生服务中心	65.09	48.10	73.90	3.36	5.16	0.68	1.04	9.98	15.33	2.97	4.56	0.00	0.00	0.00	0.00	0.00	0.00	0.00	0.00	0.00	0.00	0.00	0.00	0.00	3049	1
建宁县濉溪镇卫生院	91.48	61.93	67.70	5.13	5.61	0.76	0.83	15.14	16.55	8.52	9.31	709.56	233.57	32.92	9.56	1.35	111.37	15.70	11.86	1.67	182.26	25.69	160.94	22.68	2446	1
建宁县里心镇卫生院	35.29	23.01	65.20	1.21	3.43	0.19	0.54	10.04	28.45	0.84	2.38	563.89	183.55	32.55	0.00	0.00	85.27	15.12	9.78	1.73	136.19	24.15	149.10	26.44	2146	1
建宁县溪口镇卫生院	30.37	20.00	65.85	1.06	3.49	0.00	0.00	8.88	29.24	0.43	1.42	0.00	0.00	0.00	0.00	0.00	0.00	0.00	0.00	0.00	0.00	0.00	0.00	0.00	1940	1
建宁县均口镇卫生院	37.69	25.57	67.84	1.62	4.30	0.27	0.72	9.69	25.71	0.54	1.43	669.66	230.93	34.48	0.00	0.00	97.36	14.54	12.14	1.81	165.21	24.67	164.02	24.49	1976	1
建宁县伊家乡卫生院	41.16	27.86	67.69	2.14	5.20	0.00	0.00	10.50	25.51	0.66	1.60	0.00	0.00	0.00	0.00	0.00	0.00	0.00	0.00	0.00	0.00	0.00	0.00	0.00	2002	1
建宁县黄埠乡卫生院	44.98	30.72	68.30	2.45	5.45	0.00	0.00	10.98	24.41	0.83	1.85	643.12	216.89	33.73	0.00	0.00	99.25	15.43	10.21	1.59	161.83	25.16	154.94	24.09	2008	1
建宁县客坊乡卫生院	32.20	20.46	63.54	1.20	3.73	0.00	0.00	10.21	31.71	0.33	1.02	0.00	0.00	0.00	0.00	0.00	0.00	0.00	0.00	0.00	0.00	0.00	0.00	0.00	1954	1
建宁县濉溪镇社区卫生服务中心	115.61	86.64	74.94	4.68	4.05	1.02	0.88	15.01	12.98	8.26	7.14	0.00	0.00	0.00	0.00	0.00	0.00	0.00	0.00	0.00	0.00	0.00	0.00	0.00	2905	1
建宁县溪源乡卫生院	42.49	28.69	67.52	2.00	4.71	0.00	0.00	10.93	25.72	0.87	2.05	0.00	0.00	0.00	0.00	0.00	0.00	0.00	0.00	0.00	0.00	0.00	0.00	0.00	1940	1
建宁县里心镇卫生院	76.49	52.44	68.56	3.86	5.05	0.49	0.64	13.46	17.60	6.24	8.16	718.77	241.04	33.54	0.00	0.00	121.02	16.84	12.39	1.72	176.36	24.54	167.96	23.37	2705	1
建宁县溪口镇卫生院	30.99	20.51	66.18	1.07	3.45	0.00	0.00	8.97	28.95	0.44	1.42	0.00	0.00	0.00	0.00	0.00	0.00	0.00	0.00	0.00	0.00	0.00	0.00	0.00	2700	1
建宁县均口镇卫生院	40.78	28.53	69.96	1.71	4.19	0.00	0.00	9.96	24.42	0.58	1.42	0.00	0.00	0.00	0.00	0.00	0.00	0.00	0.00	0.00	0.00	0.00	0.00	0.00	1916	1
建宁县伊家乡卫生院	70.69	51.57	72.95	3.19	4.51	0.54	0.76	11.41	16.14	3.98	5.63	714.38	187.11	26.19	0.00	0.00	160.00	22.40	4.22	0.59	216.83	30.35	146.22	20.47	1916	1
备注：其中门急诊人次数均不含卫生院及院辖村卫生所人次
